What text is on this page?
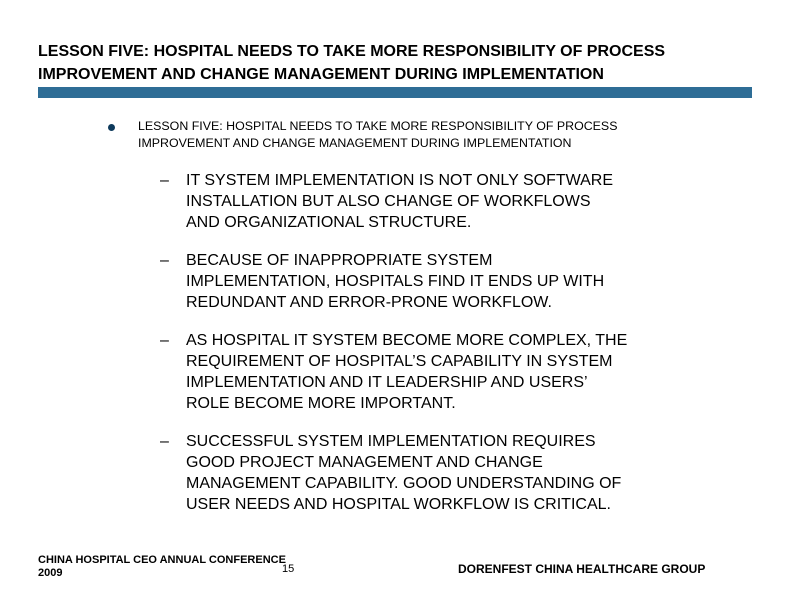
LESSON FIVE: HOSPITAL NEEDS TO TAKE MORE RESPONSIBILITY OF PROCESS
IMPROVEMENT AND CHANGE MANAGEMENT DURING IMPLEMENTATION
LESSON FIVE: HOSPITAL NEEDS TO TAKE MORE RESPONSIBILITY OF PROCESS
IMPROVEMENT AND CHANGE MANAGEMENT DURING IMPLEMENTATION
– IT SYSTEM IMPLEMENTATION IS NOT ONLY SOFTWARE
INSTALLATION BUT ALSO CHANGE OF WORKFLOWS
AND ORGANIZATIONAL STRUCTURE.
– BECAUSE OF INAPPROPRIATE SYSTEM
IMPLEMENTATION, HOSPITALS FIND IT ENDS UP WITH
REDUNDANT AND ERROR-PRONE WORKFLOW.
– AS HOSPITAL IT SYSTEM BECOME MORE COMPLEX, THE
REQUIREMENT OF HOSPITAL’S CAPABILITY IN SYSTEM
IMPLEMENTATION AND IT LEADERSHIP AND USERS’
ROLE BECOME MORE IMPORTANT.
– SUCCESSFUL SYSTEM IMPLEMENTATION REQUIRES
GOOD PROJECT MANAGEMENT AND CHANGE
MANAGEMENT CAPABILITY. GOOD UNDERSTANDING OF
USER NEEDS AND HOSPITAL WORKFLOW IS CRITICAL.
CHINA HOSPITAL CEO ANNUAL CONFERENCE
2009	15	DORENFEST CHINA HEALTHCARE GROUP
